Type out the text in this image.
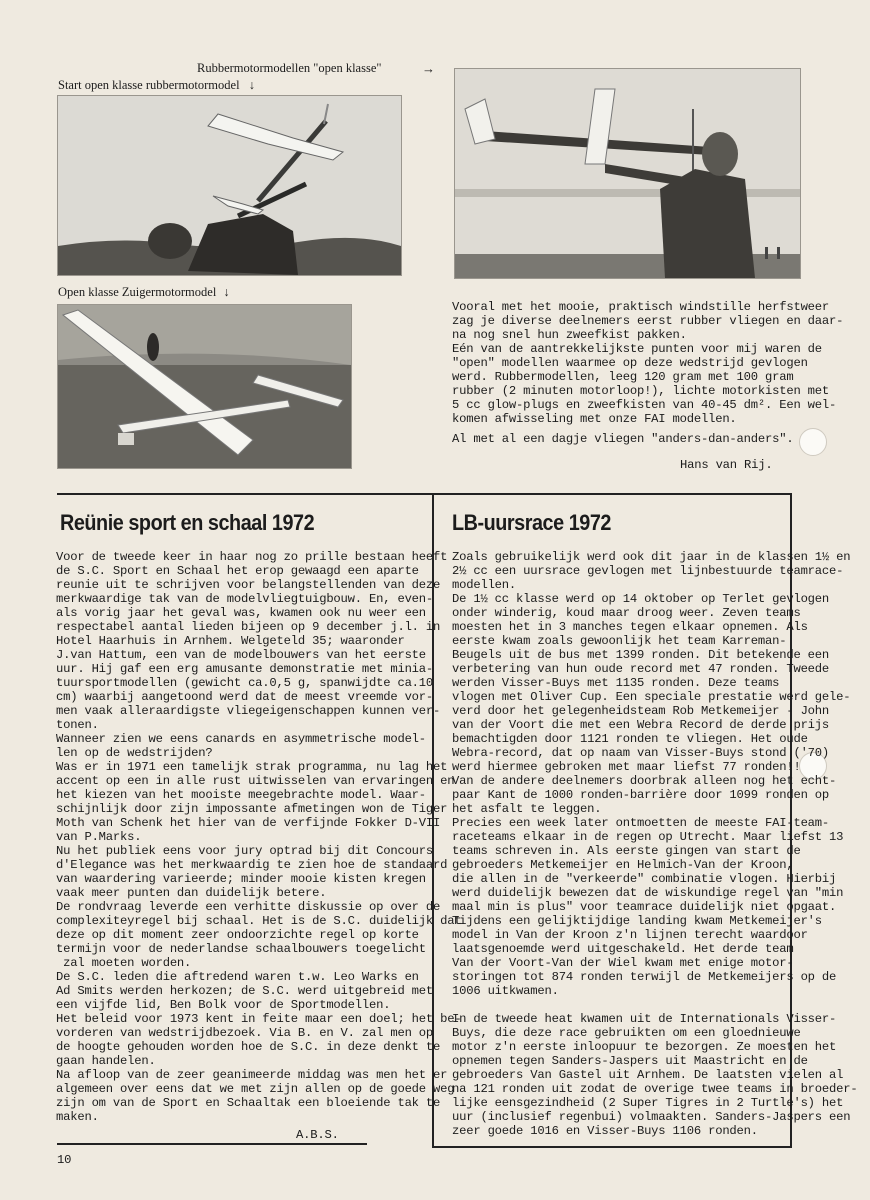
Rubbermotormodellen "open klasse"	→
Start open klasse rubbermotormodel ↓
Open klasse Zuigermotormodel ↓

Vooral met het mooie, praktisch windstille herfstweer

zag je diverse deelnemers eerst rubber vliegen en daar-

na nog snel hun zweefkist pakken.

Eén van de aantrekkelijkste punten voor mij waren de

"open" modellen waarmee op deze wedstrijd gevlogen

werd. Rubbermodellen, leeg 120 gram met 100 gram

rubber (2 minuten motorloop!), lichte motorkisten met

5 cc glow-plugs en zweefkisten van 40-45 dm². Een wel-

komen afwisseling met onze FAI modellen.

Al met al een dagje vliegen "anders-dan-anders".

Hans van Rij.
Reünie sport en schaal 1972

Voor de tweede keer in haar nog zo prille bestaan heeft

de S.C. Sport en Schaal het erop gewaagd een aparte

reunie uit te schrijven voor belangstellenden van deze

merkwaardige tak van de modelvliegtuigbouw. En, even-

als vorig jaar het geval was, kwamen ook nu weer een

respectabel aantal lieden bijeen op 9 december j.l. in

Hotel Haarhuis in Arnhem. Welgeteld 35; waaronder

J.van Hattum, een van de modelbouwers van het eerste

uur. Hij gaf een erg amusante demonstratie met minia-

tuursportmodellen (gewicht ca.0,5 g, spanwijdte ca.10

cm) waarbij aangetoond werd dat de meest vreemde vor-

men vaak alleraardigste vliegeigenschappen kunnen ver-

tonen.

Wanneer zien we eens canards en asymmetrische model-

len op de wedstrijden?

Was er in 1971 een tamelijk strak programma, nu lag het

accent op een in alle rust uitwisselen van ervaringen en

het kiezen van het mooiste meegebrachte model. Waar-

schijnlijk door zijn impossante afmetingen won de Tiger

Moth van Schenk het hier van de verfijnde Fokker D-VII

van P.Marks.

Nu het publiek eens voor jury optrad bij dit Concours

d'Elegance was het merkwaardig te zien hoe de standaard

van waardering varieerde; minder mooie kisten kregen

vaak meer punten dan duidelijk betere.

De rondvraag leverde een verhitte diskussie op over de

complexiteyregel bij schaal. Het is de S.C. duidelijk dat

deze op dit moment zeer ondoorzichte regel op korte

termijn voor de nederlandse schaalbouwers toegelicht

zal moeten worden.

De S.C. leden die aftredend waren t.w. Leo Warks en

Ad Smits werden herkozen; de S.C. werd uitgebreid met

een vijfde lid, Ben Bolk voor de Sportmodellen.

Het beleid voor 1973 kent in feite maar een doel; het be-

vorderen van wedstrijdbezoek. Via B. en V. zal men op

de hoogte gehouden worden hoe de S.C. in deze denkt te

gaan handelen.

Na afloop van de zeer geanimeerde middag was men het er

algemeen over eens dat we met zijn allen op de goede weg

zijn om van de Sport en Schaaltak een bloeiende tak te

maken.

A.B.S.
LB-uursrace 1972

Zoals gebruikelijk werd ook dit jaar in de klassen 1½ en

2½ cc een uursrace gevlogen met lijnbestuurde teamrace-

modellen.

De 1½ cc klasse werd op 14 oktober op Terlet gevlogen

onder winderig, koud maar droog weer. Zeven teams

moesten het in 3 manches tegen elkaar opnemen. Als

eerste kwam zoals gewoonlijk het team Karreman-

Beugels uit de bus met 1399 ronden. Dit betekende een

verbetering van hun oude record met 47 ronden. Tweede

werden Visser-Buys met 1135 ronden. Deze teams

vlogen met Oliver Cup. Een speciale prestatie werd gele-

verd door het gelegenheidsteam Rob Metkemeijer - John

van der Voort die met een Webra Record de derde prijs

bemachtigden door 1121 ronden te vliegen. Het oude

Webra-record, dat op naam van Visser-Buys stond ('70)

werd hiermee gebroken met maar liefst 77 ronden!!

Van de andere deelnemers doorbrak alleen nog het echt-

paar Kant de 1000 ronden-barrière door 1099 ronden op

het asfalt te leggen.

Precies een week later ontmoetten de meeste FAI-team-

raceteams elkaar in de regen op Utrecht. Maar liefst 13

teams schreven in. Als eerste gingen van start de

gebroeders Metkemeijer en Helmich-Van der Kroon,

die allen in de "verkeerde" combinatie vlogen. Hierbij

werd duidelijk bewezen dat de wiskundige regel van "min

maal min is plus" voor teamrace duidelijk niet opgaat.

Tijdens een gelijktijdige landing kwam Metkemeijer's

model in Van der Kroon z'n lijnen terecht waardoor

laatsgenoemde werd uitgeschakeld. Het derde team

Van der Voort-Van der Wiel kwam met enige motor-

storingen tot 874 ronden terwijl de Metkemeijers op de

1006 uitkwamen.

In de tweede heat kwamen uit de Internationals Visser-

Buys, die deze race gebruikten om een gloednieuwe

motor z'n eerste inloopuur te bezorgen. Ze moesten het

opnemen tegen Sanders-Jaspers uit Maastricht en de

gebroeders Van Gastel uit Arnhem. De laatsten vielen al

na 121 ronden uit zodat de overige twee teams in broeder-

lijke eensgezindheid (2 Super Tigres in 2 Turtle's) het

uur (inclusief regenbui) volmaakten. Sanders-Jaspers een

zeer goede 1016 en Visser-Buys 1106 ronden.

10
